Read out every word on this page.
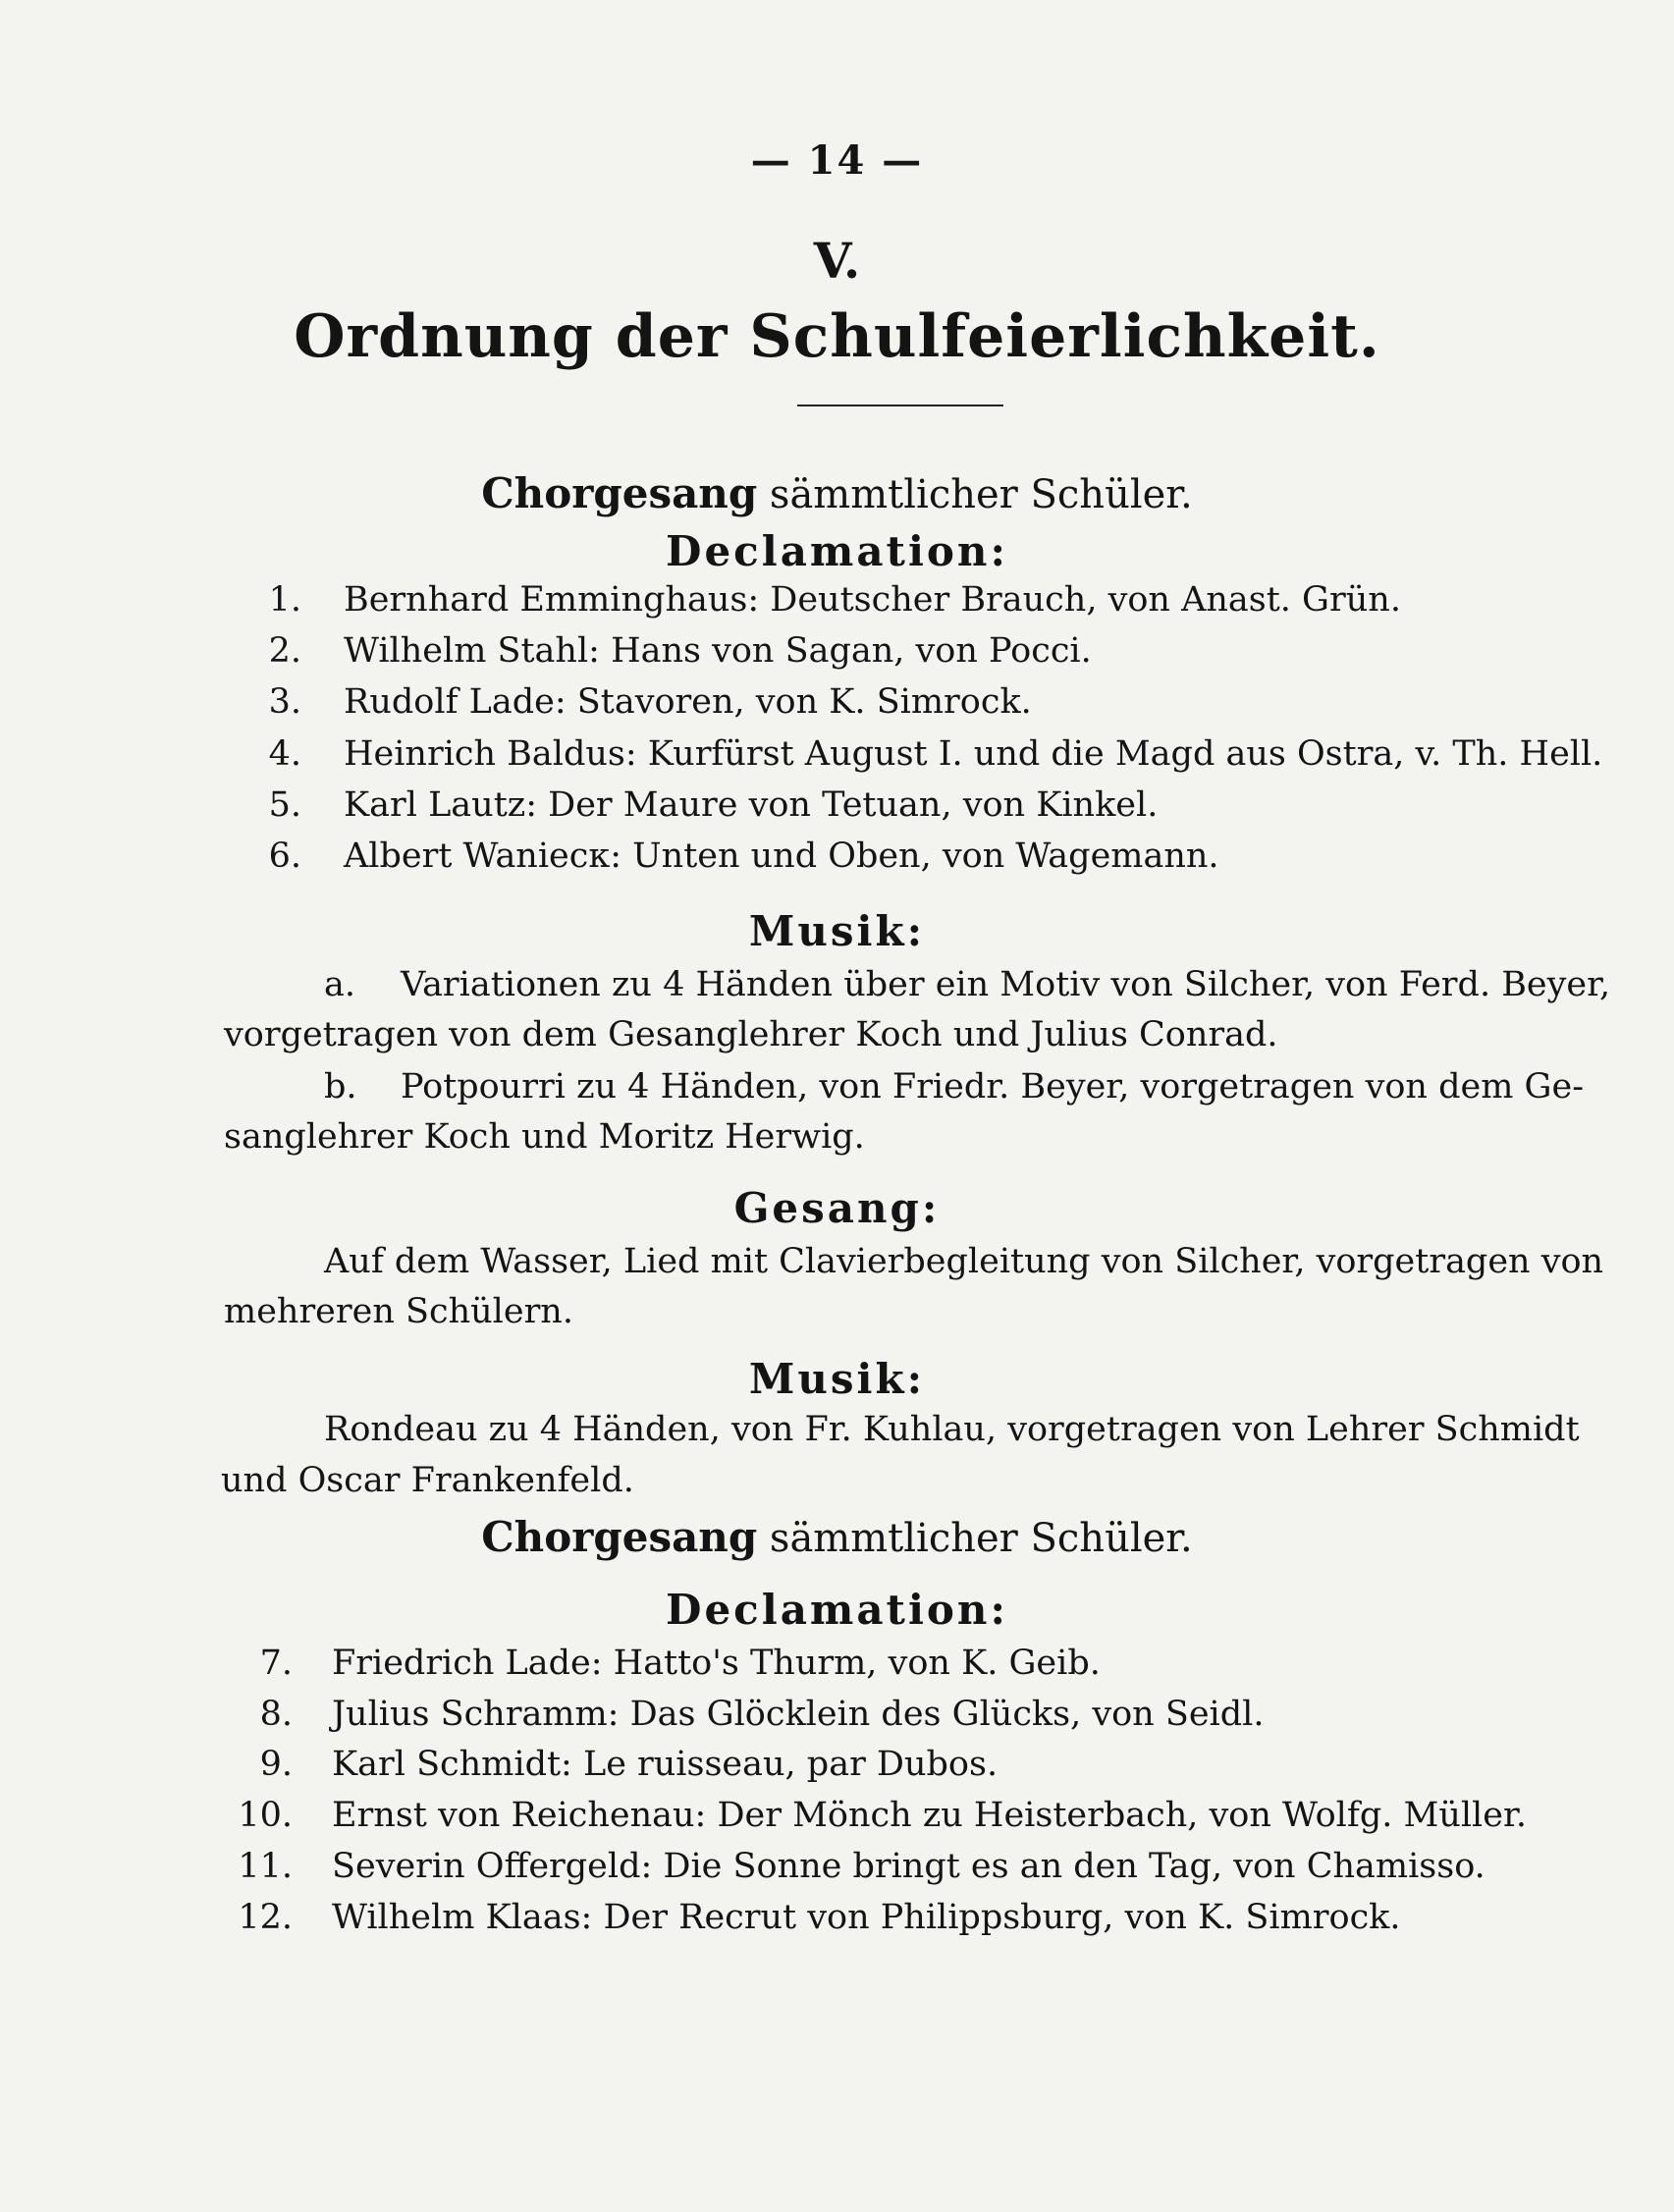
— 14 —
V.
Ordnung der Schulfeierlichkeit.
Chorgesang sämmtlicher Schüler.
Declamation:
1. Bernhard Emminghaus: Deutscher Brauch, von Anast. Grün.
2. Wilhelm Stahl: Hans von Sagan, von Pocci.
3. Rudolf Lade: Stavoren, von K. Simrock.
4. Heinrich Baldus: Kurfürst August I. und die Magd aus Ostra, v. Th. Hell.
5. Karl Lautz: Der Maure von Tetuan, von Kinkel.
6. Albert Waniecк: Unten und Oben, von Wagemann.
Musik:
a. Variationen zu 4 Händen über ein Motiv von Silcher, von Ferd. Beyer,
vorgetragen von dem Gesanglehrer Koch und Julius Conrad.
b. Potpourri zu 4 Händen, von Friedr. Beyer, vorgetragen von dem Ge-
sanglehrer Koch und Moritz Herwig.
Gesang:
Auf dem Wasser, Lied mit Clavierbegleitung von Silcher, vorgetragen von
mehreren Schülern.
Musik:
Rondeau zu 4 Händen, von Fr. Kuhlau, vorgetragen von Lehrer Schmidt
und Oscar Frankenfeld.
Chorgesang sämmtlicher Schüler.
Declamation:
7. Friedrich Lade: Hatto's Thurm, von K. Geib.
8. Julius Schramm: Das Glöcklein des Glücks, von Seidl.
9. Karl Schmidt: Le ruisseau, par Dubos.
10. Ernst von Reichenau: Der Mönch zu Heisterbach, von Wolfg. Müller.
11. Severin Offergeld: Die Sonne bringt es an den Tag, von Chamisso.
12. Wilhelm Klaas: Der Recrut von Philippsburg, von K. Simrock.
